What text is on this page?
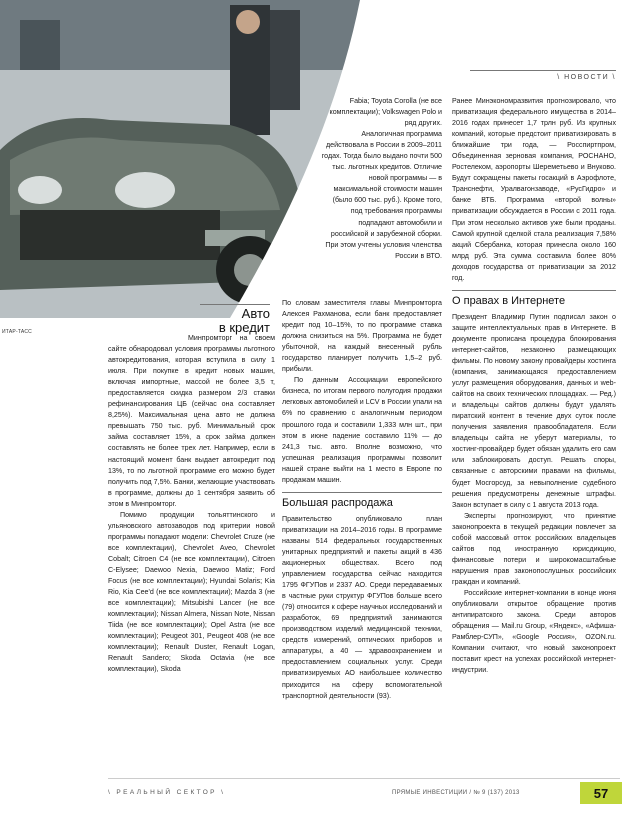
ИТАР-ТАСС
\ НОВОСТИ \
Авто
в кредит

Минпромторг на своем сайте обнародовал условия программы льготного автокредитования, которая вступила в силу 1 июля. При покупке в кредит новых машин, включая импортные, массой не более 3,5 т, предоставляется скидка размером 2/3 ставки рефинансирования ЦБ (сейчас она составляет 8,25%). Максимальная цена авто не должна превышать 750 тыс. руб. Минимальный срок займа составляет 15%, а срок займа должен составлять не более трех лет. Например, если в настоящий момент банк выдает автокредит под 13%, то по льготной программе его можно будет получить под 7,5%. Банки, желающие участвовать в программе, должны до 1 сентября заявить об этом в Минпромторг.

Помимо продукции тольяттинского и ульяновского автозаводов под критерии новой программы попадают модели: Chevrolet Cruze (не все комплектации), Chevrolet Aveo, Chevrolet Cobalt; Citroen C4 (не все комплектации), Citroen C-Elysee; Daewoo Nexia, Daewoo Matiz; Ford Focus (не все комплектации); Hyundai Solaris; Kia Rio, Kia Cee'd (не все комплектации); Mazda 3 (не все комплектации); Mitsubishi Lancer (не все комплектации); Nissan Almera, Nissan Note, Nissan Tiida (не все комплектации); Opel Astra (не все комплектации); Peugeot 301, Peugeot 408 (не все комплектации); Renault Duster, Renault Logan, Renault Sandero; Skoda Octavia (не все комплектации), Skoda

Fabia; Toyota Corolla (не все комплектации); Volkswagen Polo и ряд других.

Аналогичная программа действовала в России в 2009–2011 годах. Тогда было выдано почти 500 тыс. льготных кредитов. Отличие новой программы — в максимальной стоимости машин (было 600 тыс. руб.). Кроме того, под требования программы подпадают автомобили и российской и зарубежной сборки. При этом учтены условия членства России в ВТО.

По словам заместителя главы Минпромторга Алексея Рахманова, если банк предоставляет кредит под 10–15%, то по программе ставка должна снизиться на 5%. Программа не будет убыточной, на каждый внесенный рубль государство планирует получить 1,5–2 руб. прибыли.

По данным Ассоциации европейского бизнеса, по итогам первого полугодия продажи легковых автомобилей и LCV в России упали на 6% по сравнению с аналогичным периодом прошлого года и составили 1,333 млн шт., при этом в июне падение составило 11% — до 241,3 тыс. авто. Вполне возможно, что успешная реализация программы позволит нашей стране выйти на 1 место в Европе по продажам машин.

Большая распродажа

Правительство опубликовало план приватизации на 2014–2016 годы. В программе названы 514 федеральных государственных унитарных предприятий и пакеты акций в 436 акционерных обществах. Всего под управлением государства сейчас находится 1795 ФГУПов и 2337 АО. Среди передаваемых в частные руки структур ФГУПов больше всего (79) относится к сфере научных исследований и разработок, 69 предприятий занимаются производством изделий медицинской техники, средств измерений, оптических приборов и аппаратуры, а 40 — здравоохранением и предоставлением социальных услуг. Среди приватизируемых АО наибольшее количество приходится на сферу вспомогательной транспортной деятельности (93).

Ранее Минэкономразвития прогнозировало, что приватизация федерального имущества в 2014–2016 годах принесет 1,7 трлн руб. Из крупных компаний, которые предстоит приватизировать в ближайшие три года, — Росспиртпром, Объединенная зерновая компания, РОСНАНО, Ростелеком, аэропорты Шереметьево и Внуково. Будут сокращены пакеты госакций в Аэрофлоте, Транснефти, Уралвагонзаводе, «РусГидро» и банке ВТБ. Программа «второй волны» приватизации обсуждается в России с 2011 года. При этом несколько активов уже были проданы. Самой крупной сделкой стала реализация 7,58% акций Сбербанка, которая принесла около 160 млрд руб. Эта сумма составила более 80% доходов государства от приватизации за 2012 год.

О правах в Интернете

Президент Владимир Путин подписал закон о защите интеллектуальных прав в Интернете. В документе прописана процедура блокирования интернет-сайтов, незаконно размещающих фильмы. По новому закону провайдеры хостинга (компания, занимающаяся предоставлением услуг размещения оборудования, данных и web-сайтов на своих технических площадках. — Ред.) и владельцы сайтов должны будут удалять пиратский контент в течение двух суток после получения заявления правообладателя. Если владельцы сайта не уберут материалы, то хостинг-провайдер будет обязан удалить его сам или заблокировать доступ. Решать споры, связанные с авторскими правами на фильмы, будет Мосгорсуд, за невыполнение судебного решения предусмотрены денежные штрафы. Закон вступает в силу с 1 августа 2013 года.

Эксперты прогнозируют, что принятие законопроекта в текущей редакции повлечет за собой массовый отток российских владельцев сайтов под иностранную юрисдикцию, финансовые потери и широкомасштабные нарушения прав законопослушных российских граждан и компаний.

Российские интернет-компании в конце июня опубликовали открытое обращение против антипиратского закона. Среди авторов обращения — Mail.ru Group, «Яндекс», «Афиша-Рамблер-СУП», «Google Россия», OZON.ru. Компании считают, что новый законопроект поставит крест на успехах российской интернет-индустрии.

\ РЕАЛЬНЫЙ СЕКТОР \	ПРЯМЫЕ ИНВЕСТИЦИИ / № 9 (137) 2013	57
